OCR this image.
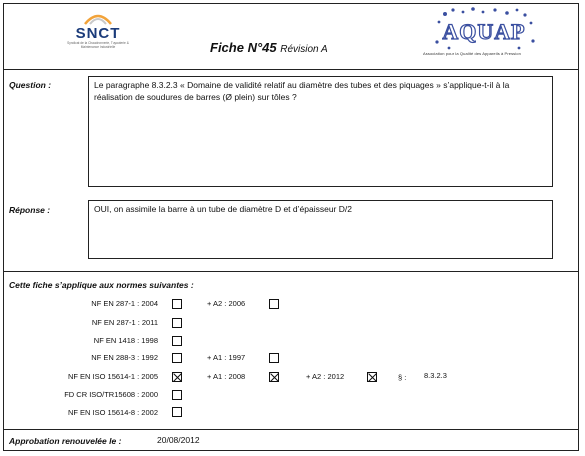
SNCT
Syndicat de la Chaudronnerie, Tuyauterie & Maintenance Industrielle	Fiche N°45 Révision A
AQUAP
Association pour la Qualité des Appareils à Pression
Question :	Le paragraphe 8.3.2.3 « Domaine de validité relatif au diamètre des tubes et des piquages » s’applique-t-il à la réalisation de soudures de barres (Ø plein) sur tôles ?
Réponse :	OUI, on assimile la barre à un tube de diamètre D et d’épaisseur D/2
Cette fiche s’applique aux normes suivantes :
NF EN 287-1 : 2004	+ A2 : 2006
NF EN 287-1 : 2011
NF EN 1418 : 1998
NF EN 288-3 : 1992	+ A1 : 1997
NF EN ISO 15614-1 : 2005	+ A1 : 2008	+ A2 : 2012	§ : 8.3.2.3
FD CR ISO/TR15608 : 2000
NF EN ISO 15614-8 : 2002
Approbation renouvelée le :	20/08/2012
